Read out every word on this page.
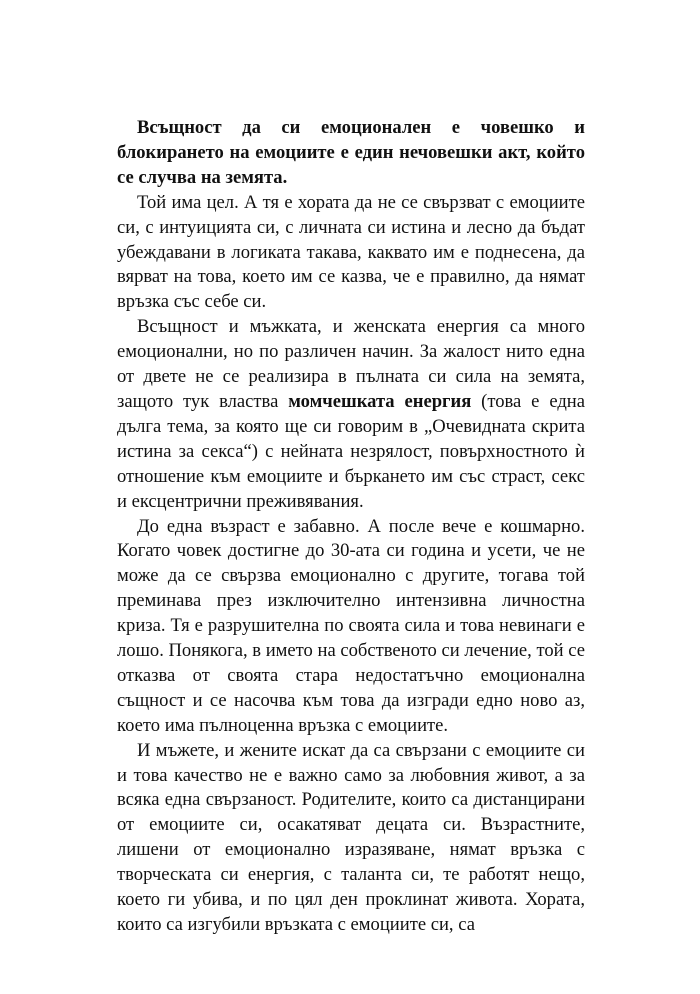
Всъщност да си емоционален е човешко и блокирането на емоциите е един нечовешки акт, който се случва на земята.

Той има цел. А тя е хората да не се свързват с емоциите си, с интуицията си, с личната си истина и лесно да бъдат убеждавани в логиката такава, каквато им е поднесена, да вярват на това, което им се казва, че е правилно, да нямат връзка със себе си.

Всъщност и мъжката, и женската енергия са много емоционални, но по различен начин. За жалост нито една от двете не се реализира в пълната си сила на земята, защото тук властва момчешката енергия (това е една дълга тема, за която ще си говорим в „Очевидната скрита истина за секса“) с нейната незрялост, повърхностното ѝ отношение към емоциите и бъркането им със страст, секс и ексцентрични преживявания.

До една възраст е забавно. А после вече е кошмарно. Когато човек достигне до 30-ата си година и усети, че не може да се свързва емоционално с другите, тогава той преминава през изключително интензивна личностна криза. Тя е разрушителна по своята сила и това невинаги е лошо. Понякога, в името на собственото си лечение, той се отказва от своята стара недостатъчно емоционална същност и се насочва към това да изгради едно ново аз, което има пълноценна връзка с емоциите.

И мъжете, и жените искат да са свързани с емоциите си и това качество не е важно само за любовния живот, а за всяка една свързаност. Родителите, които са дистанцирани от емоциите си, осакатяват децата си. Възрастните, лишени от емоционално изразяване, нямат връзка с творческата си енергия, с таланта си, те работят нещо, което ги убива, и по цял ден проклинат живота. Хората, които са изгубили връзката с емоциите си, са
